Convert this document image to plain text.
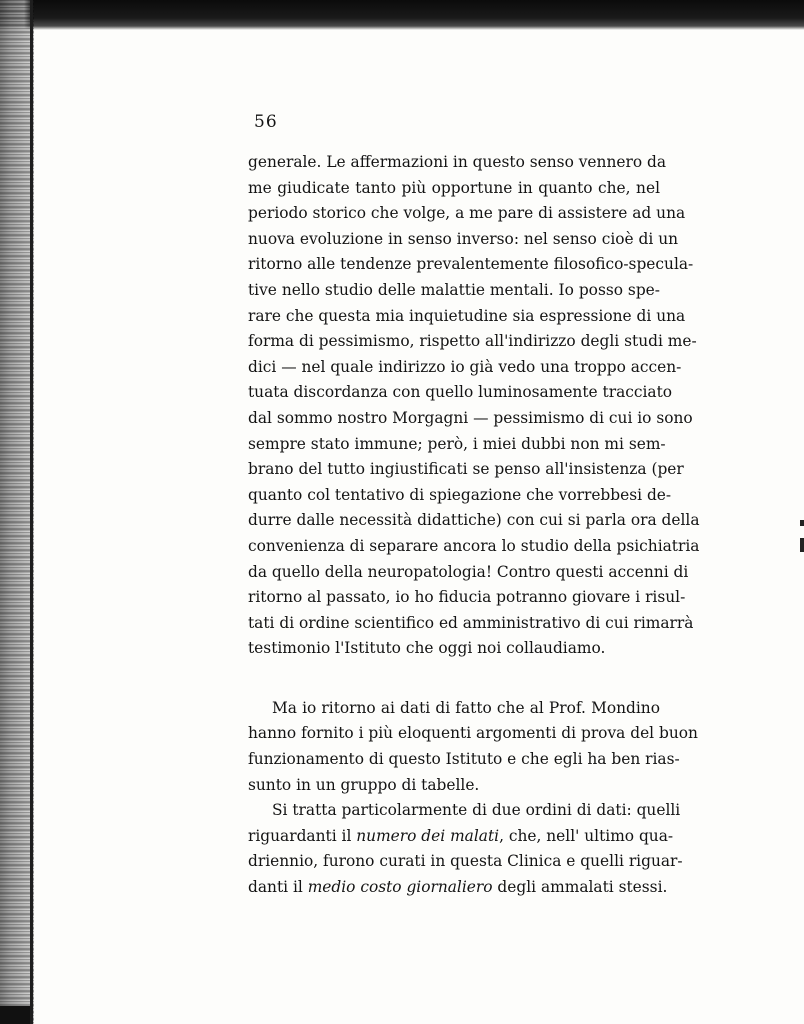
56
generale. Le affermazioni in questo senso vennero da
me giudicate tanto più opportune in quanto che, nel
periodo storico che volge, a me pare di assistere ad una
nuova evoluzione in senso inverso: nel senso cioè di un
ritorno alle tendenze prevalentemente filosofico-specula-
tive nello studio delle malattie mentali. Io posso spe-
rare che questa mia inquietudine sia espressione di una
forma di pessimismo, rispetto all'indirizzo degli studi me-
dici — nel quale indirizzo io già vedo una troppo accen-
tuata discordanza con quello luminosamente tracciato
dal sommo nostro Morgagni — pessimismo di cui io sono
sempre stato immune; però, i miei dubbi non mi sem-
brano del tutto ingiustificati se penso all'insistenza (per
quanto col tentativo di spiegazione che vorrebbesi de-
durre dalle necessità didattiche) con cui si parla ora della
convenienza di separare ancora lo studio della psichiatria
da quello della neuropatologia! Contro questi accenni di
ritorno al passato, io ho fiducia potranno giovare i risul-
tati di ordine scientifico ed amministrativo di cui rimarrà
testimonio l'Istituto che oggi noi collaudiamo.
Ma io ritorno ai dati di fatto che al Prof. Mondino
hanno fornito i più eloquenti argomenti di prova del buon
funzionamento di questo Istituto e che egli ha ben rias-
sunto in un gruppo di tabelle.
Si tratta particolarmente di due ordini di dati: quelli
riguardanti il numero dei malati, che, nell' ultimo qua-
driennio, furono curati in questa Clinica e quelli riguar-
danti il medio costo giornaliero degli ammalati stessi.
